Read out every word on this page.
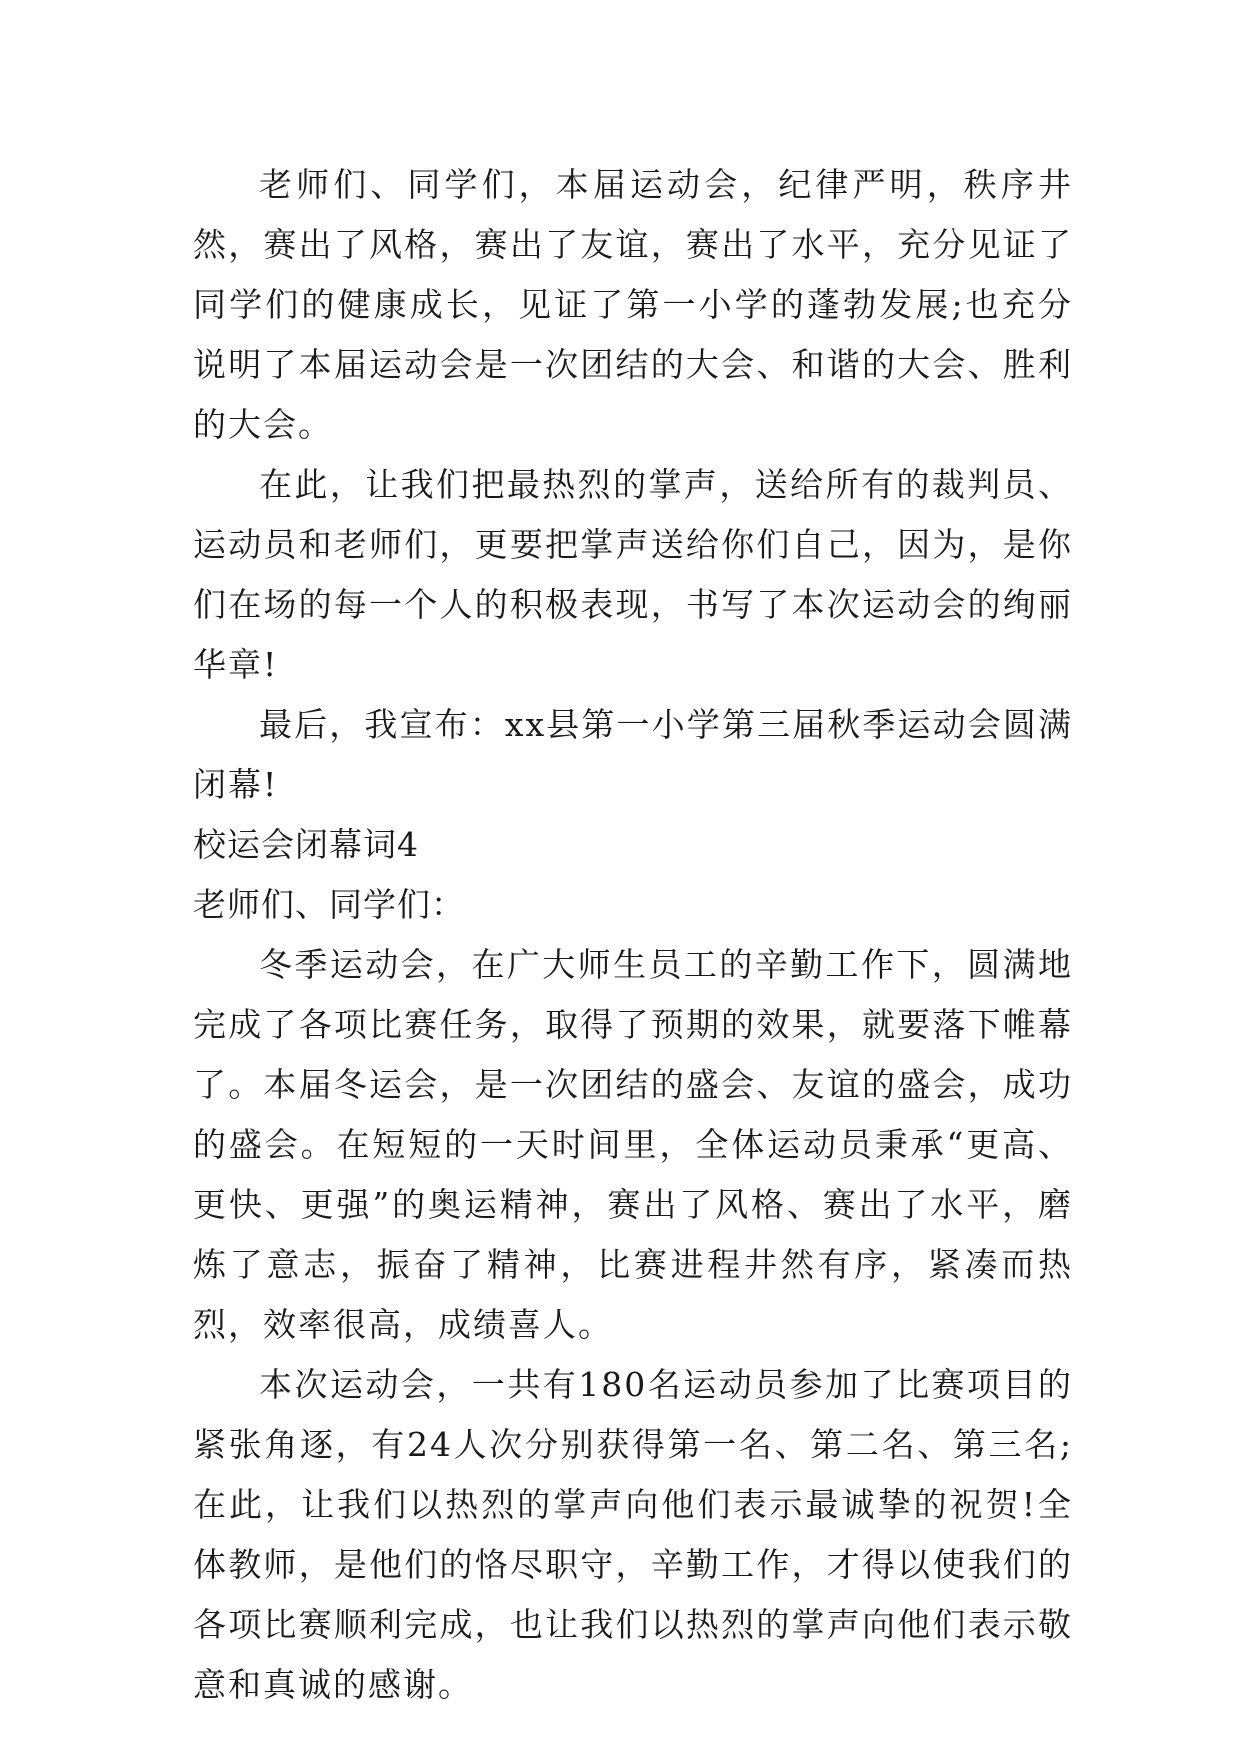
老师们、同学们，本届运动会，纪律严明，秩序井然，赛出了风格，赛出了友谊，赛出了水平，充分见证了同学们的健康成长，见证了第一小学的蓬勃发展;也充分说明了本届运动会是一次团结的大会、和谐的大会、胜利的大会。

在此，让我们把最热烈的掌声，送给所有的裁判员、运动员和老师们，更要把掌声送给你们自己，因为，是你们在场的每一个人的积极表现，书写了本次运动会的绚丽华章!

最后，我宣布：xx县第一小学第三届秋季运动会圆满闭幕!

校运会闭幕词4

老师们、同学们：

冬季运动会，在广大师生员工的辛勤工作下，圆满地完成了各项比赛任务，取得了预期的效果，就要落下帷幕了。本届冬运会，是一次团结的盛会、友谊的盛会，成功的盛会。在短短的一天时间里，全体运动员秉承“更高、更快、更强”的奥运精神，赛出了风格、赛出了水平，磨炼了意志，振奋了精神，比赛进程井然有序，紧凑而热烈，效率很高，成绩喜人。

本次运动会，一共有180名运动员参加了比赛项目的紧张角逐，有24人次分别获得第一名、第二名、第三名;在此，让我们以热烈的掌声向他们表示最诚挚的祝贺!全体教师，是他们的恪尽职守，辛勤工作，才得以使我们的各项比赛顺利完成，也让我们以热烈的掌声向他们表示敬意和真诚的感谢。
